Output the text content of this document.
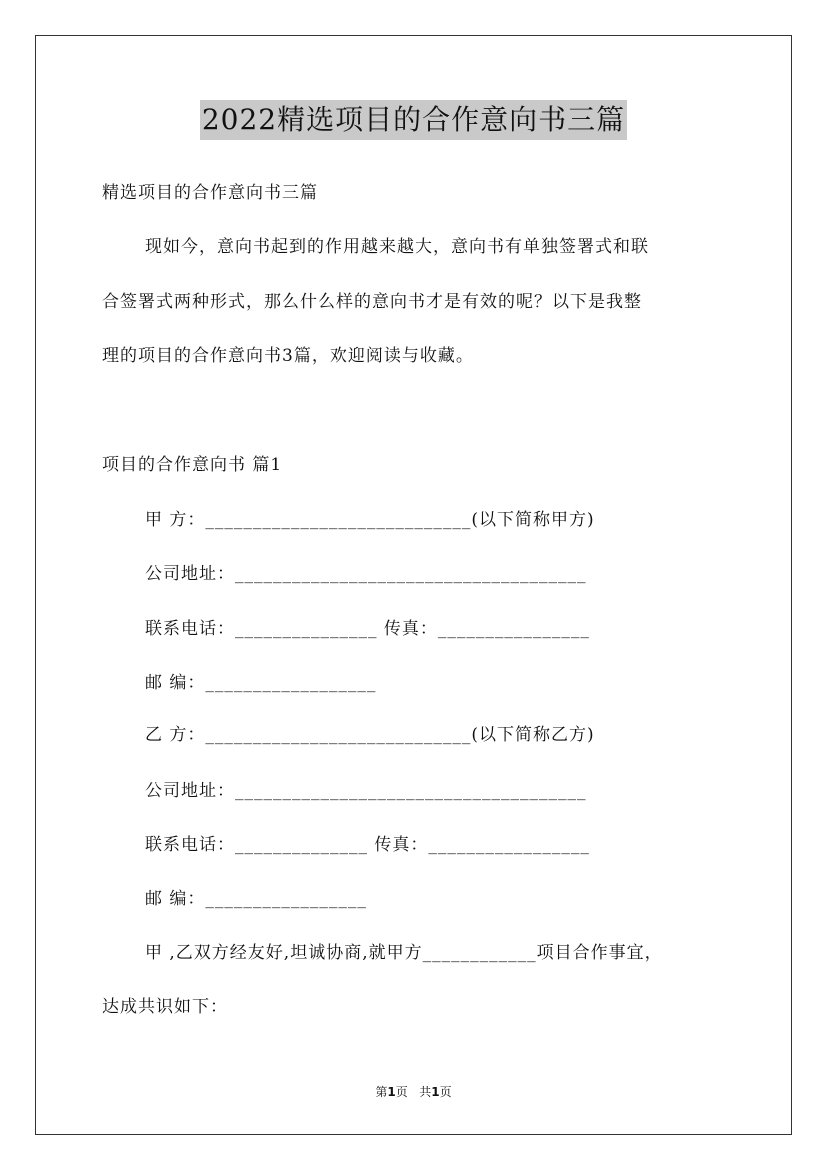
2022精选项目的合作意向书三篇
精选项目的合作意向书三篇
现如今，意向书起到的作用越来越大，意向书有单独签署式和联
合签署式两种形式，那么什么样的意向书才是有效的呢？以下是我整
理的项目的合作意向书3篇，欢迎阅读与收藏。
项目的合作意向书 篇1
甲 方：____________________________(以下简称甲方)
公司地址：_____________________________________
联系电话：_______________ 传真：________________
邮 编：__________________
乙 方：____________________________(以下简称乙方)
公司地址：_____________________________________
联系电话：______________ 传真：_________________
邮 编：_________________
甲 ,乙双方经友好,坦诚协商,就甲方____________项目合作事宜，
达成共识如下：
第1页 共1页
